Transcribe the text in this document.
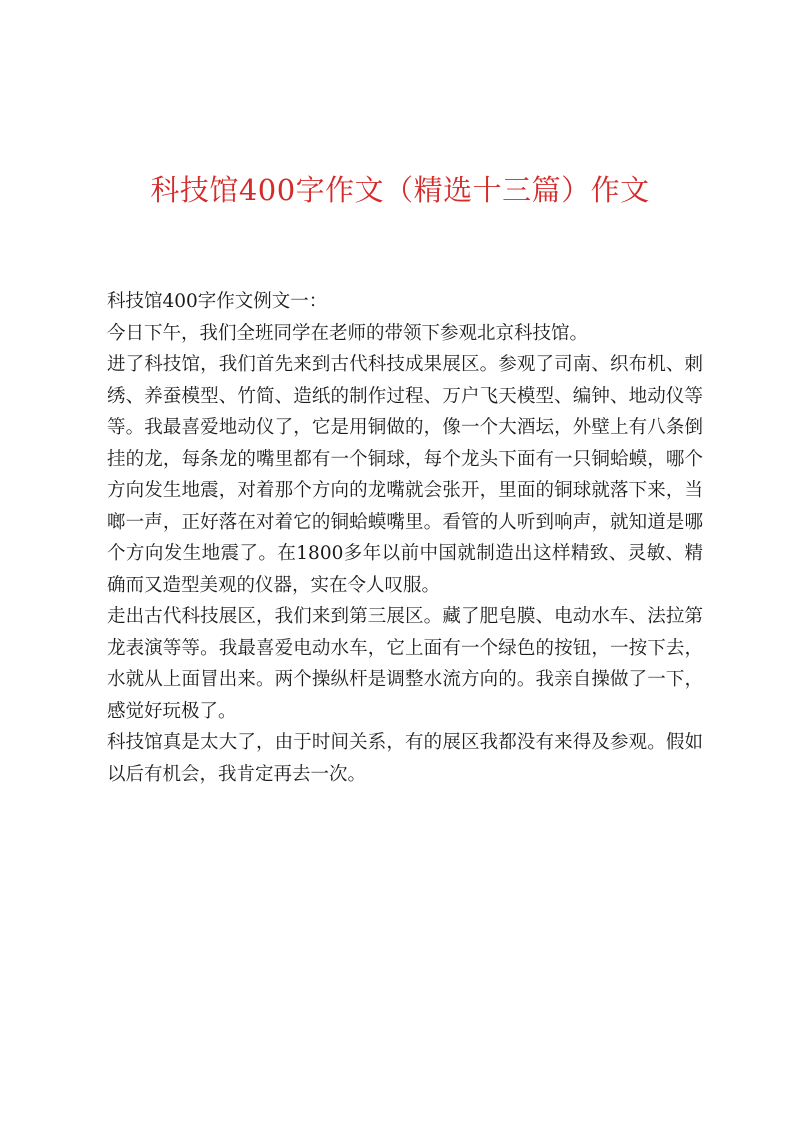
科技馆400字作文（精选十三篇）作文

科技馆400字作文例文一：

今日下午，我们全班同学在老师的带领下参观北京科技馆。

进了科技馆，我们首先来到古代科技成果展区。参观了司南、织布机、刺绣、养蚕模型、竹简、造纸的制作过程、万户飞天模型、编钟、地动仪等等。我最喜爱地动仪了，它是用铜做的，像一个大酒坛，外壁上有八条倒挂的龙，每条龙的嘴里都有一个铜球，每个龙头下面有一只铜蛤蟆，哪个方向发生地震，对着那个方向的龙嘴就会张开，里面的铜球就落下来，当啷一声，正好落在对着它的铜蛤蟆嘴里。看管的人听到响声，就知道是哪个方向发生地震了。在1800多年以前中国就制造出这样精致、灵敏、精确而又造型美观的仪器，实在令人叹服。

走出古代科技展区，我们来到第三展区。藏了肥皂膜、电动水车、法拉第龙表演等等。我最喜爱电动水车，它上面有一个绿色的按钮，一按下去，水就从上面冒出来。两个操纵杆是调整水流方向的。我亲自操做了一下，感觉好玩极了。

科技馆真是太大了，由于时间关系，有的展区我都没有来得及参观。假如以后有机会，我肯定再去一次。
